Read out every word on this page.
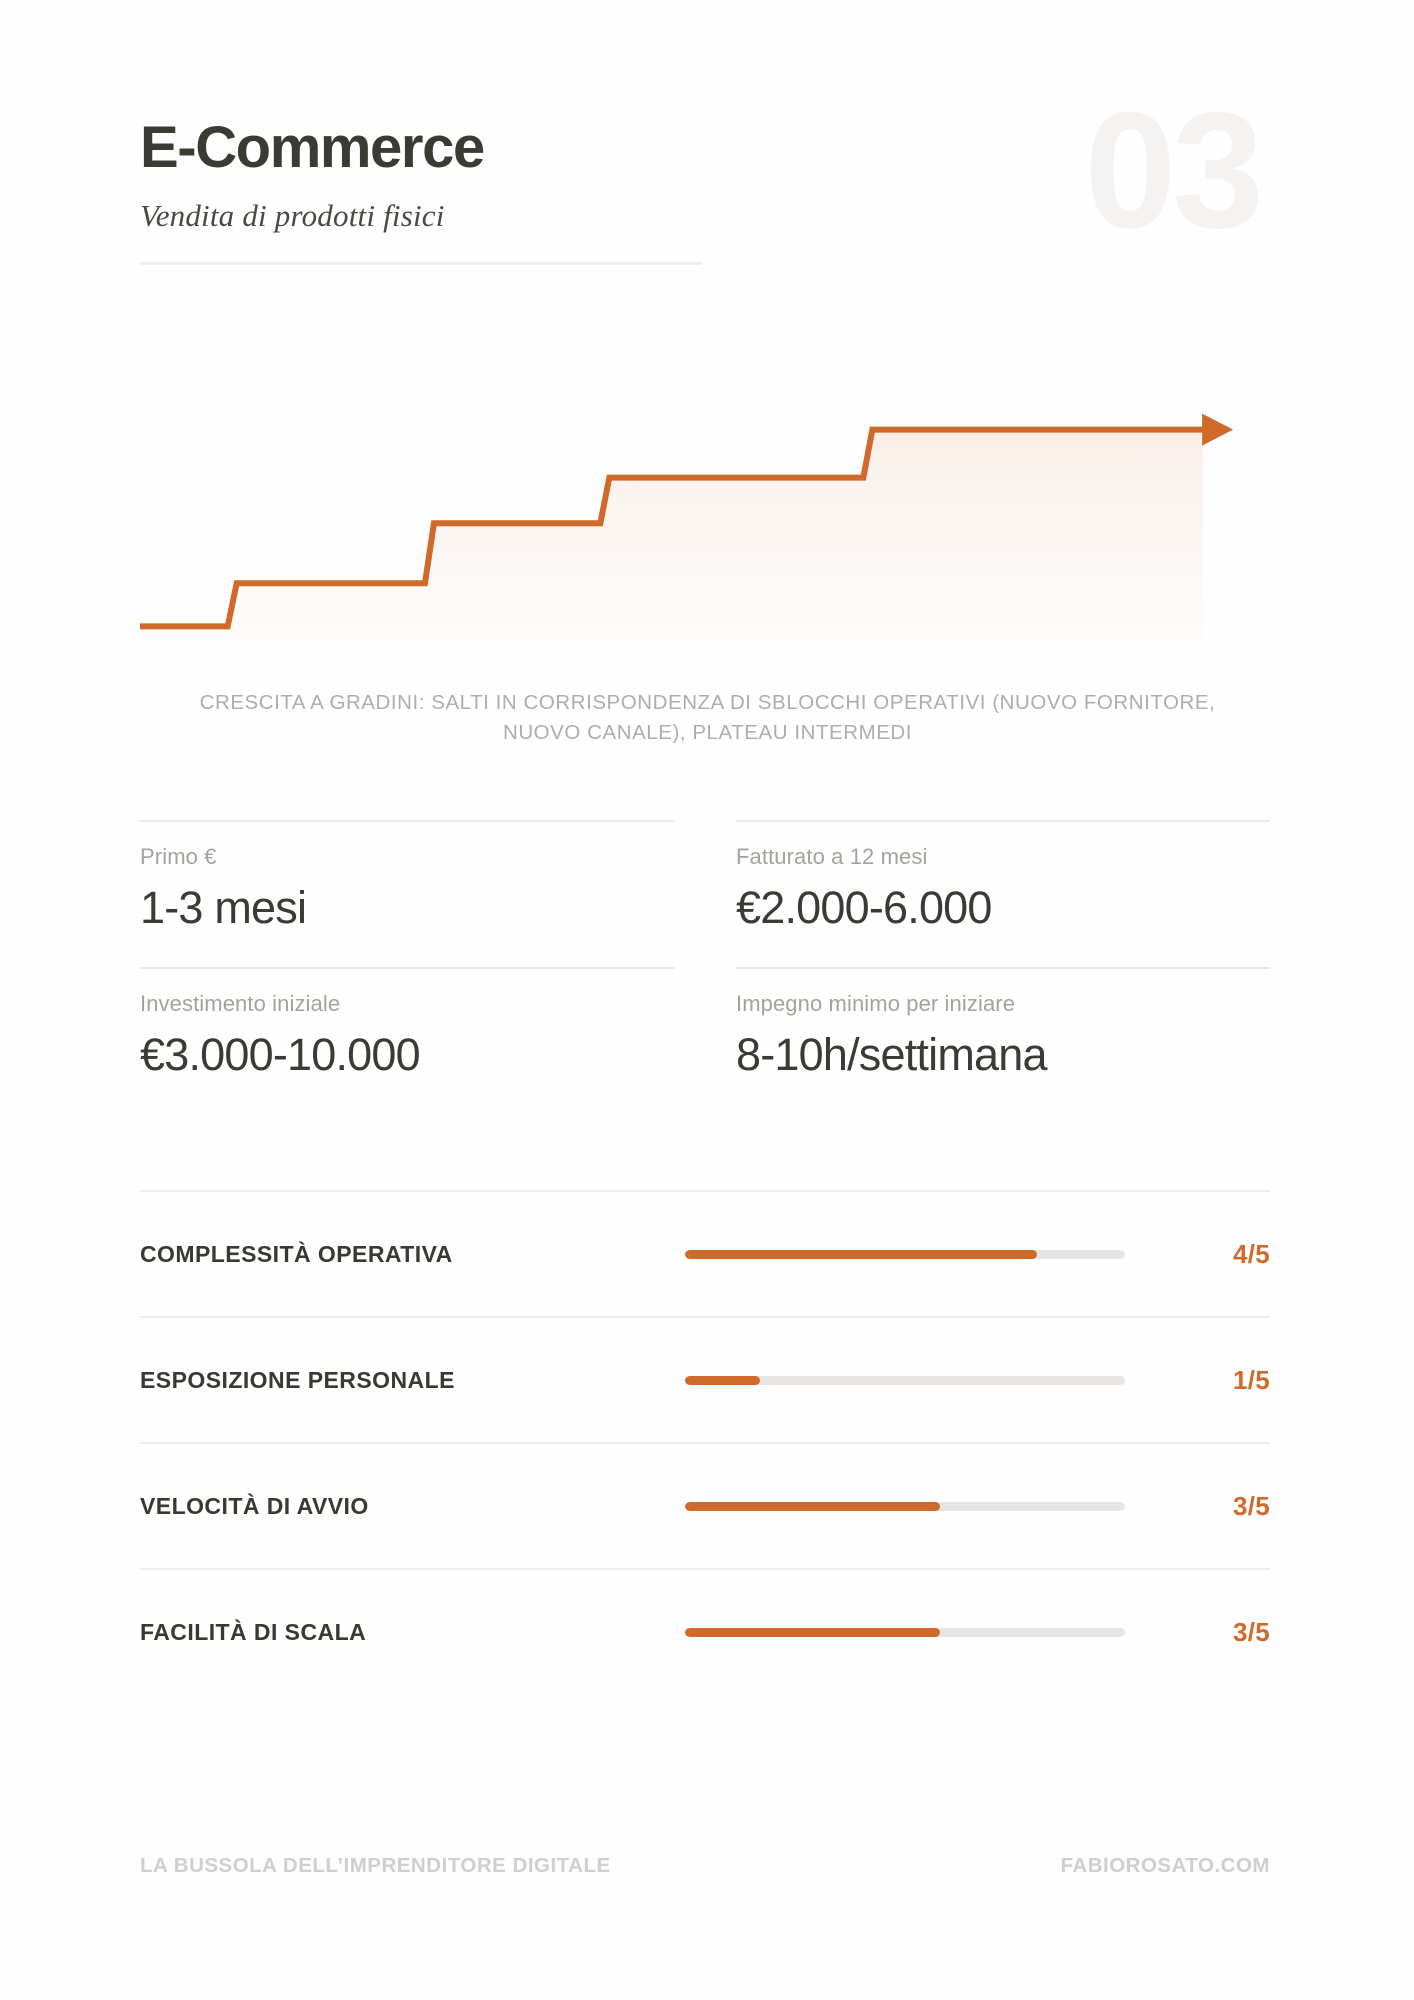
03
E-Commerce
Vendita di prodotti fisici
CRESCITA A GRADINI: SALTI IN CORRISPONDENZA DI SBLOCCHI OPERATIVI (NUOVO FORNITORE, NUOVO CANALE), PLATEAU INTERMEDI
Primo €
1-3 mesi
Fatturato a 12 mesi
€2.000-6.000
Investimento iniziale
€3.000-10.000
Impegno minimo per iniziare
8-10h/settimana
COMPLESSITÀ OPERATIVA	4/5
ESPOSIZIONE PERSONALE	1/5
VELOCITÀ DI AVVIO	3/5
FACILITÀ DI SCALA	3/5
LA BUSSOLA DELL’IMPRENDITORE DIGITALE	FABIOROSATO.COM
